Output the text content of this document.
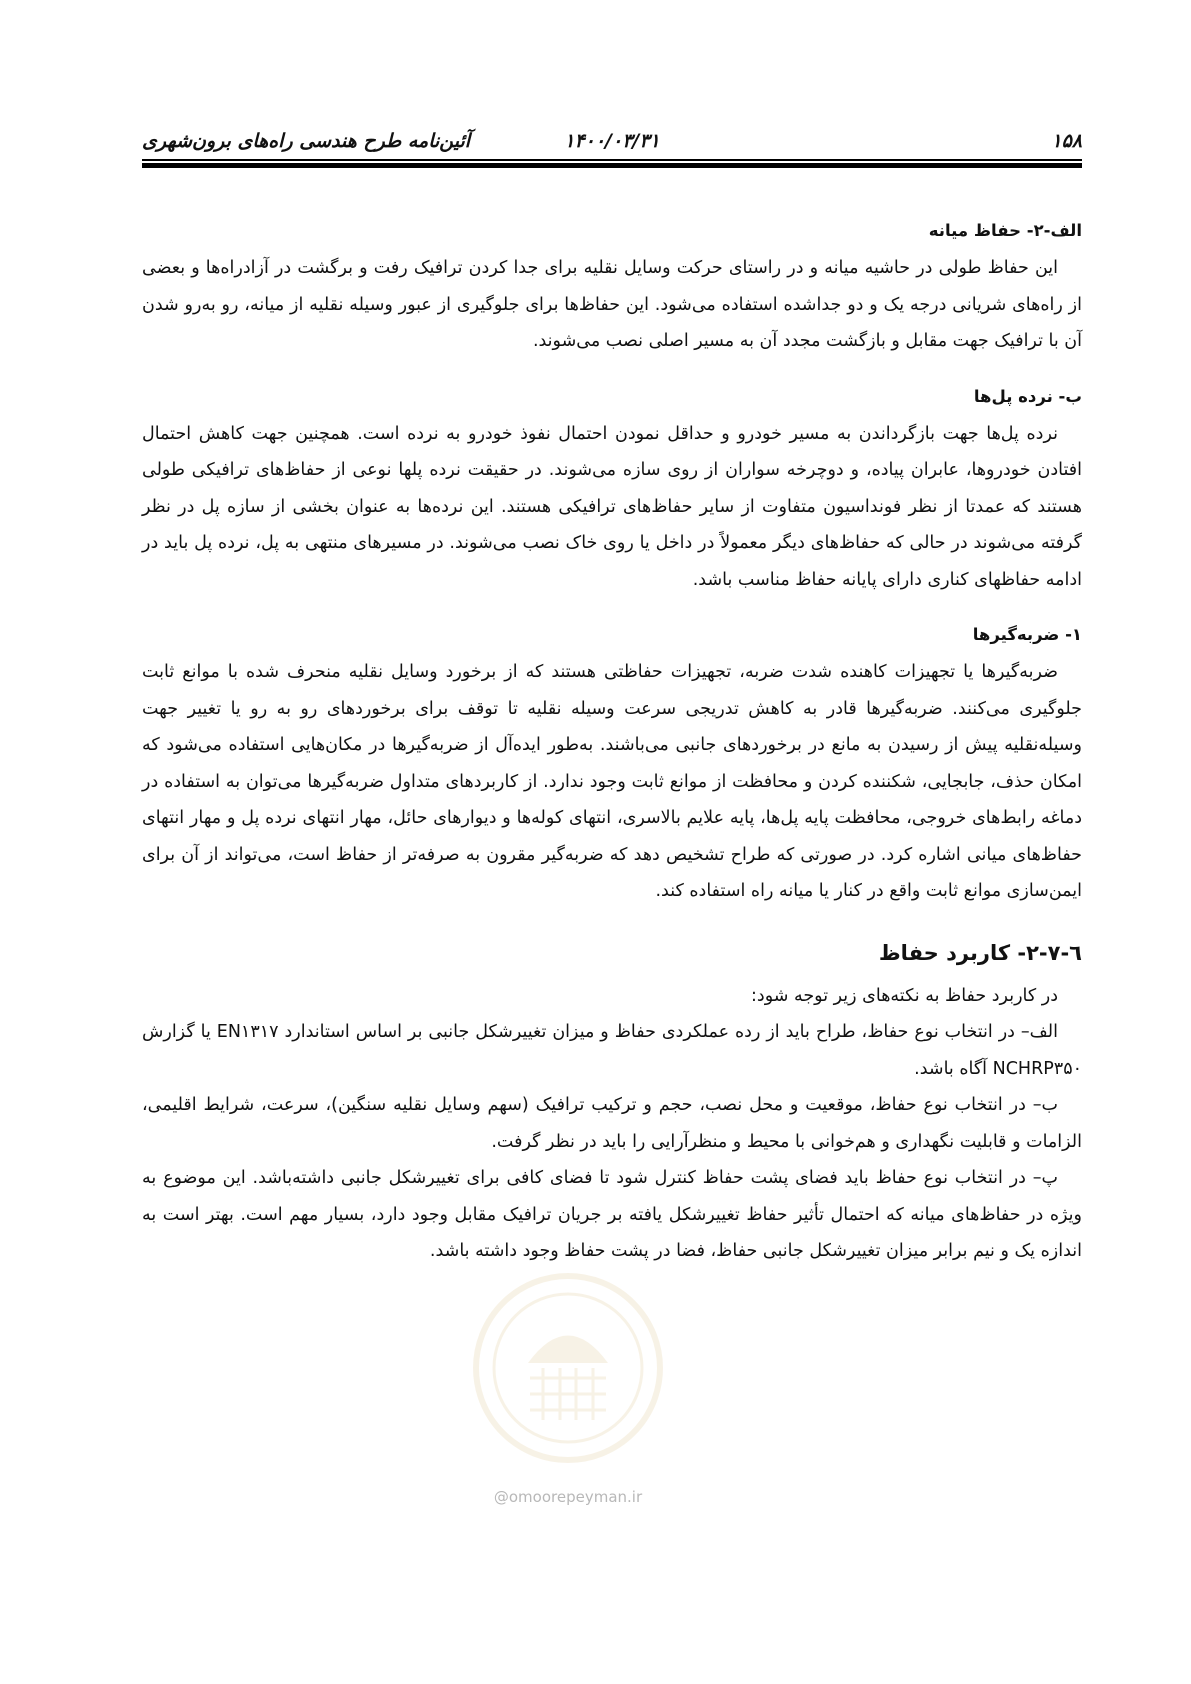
۱۵۸
۱۴۰۰/۰۳/۳۱
آئین‌نامه طرح هندسی راه‌های برون‌شهری

الف-۲- حفاظ میانه

این حفاظ طولی در حاشیه میانه و در راستای حرکت وسایل نقلیه برای جدا کردن ترافیک رفت و برگشت در آزادراه‌ها و بعضی از راه‌های شریانی درجه یک و دو جداشده استفاده می‌شود. این حفاظ‌ها برای جلوگیری از عبور وسیله نقلیه از میانه، رو به‌رو شدن آن با ترافیک جهت مقابل و بازگشت مجدد آن به مسیر اصلی نصب می‌شوند.

ب- نرده پل‌ها

نرده پل‌ها جهت بازگرداندن به مسیر خودرو و حداقل نمودن احتمال نفوذ خودرو به نرده است. همچنین جهت کاهش احتمال افتادن خودروها، عابران پیاده، و دوچرخه سواران از روی سازه می‌شوند. در حقیقت نرده پلها نوعی از حفاظ‌های ترافیکی طولی هستند که عمدتا از نظر فونداسیون متفاوت از سایر حفاظ‌های ترافیکی هستند. این نرده‌ها به عنوان بخشی از سازه پل در نظر گرفته می‌شوند در حالی که حفاظ‌های دیگر معمولاً در داخل یا روی خاک نصب می‌شوند. در مسیرهای منتهی به پل، نرده پل باید در ادامه حفاظهای کناری دارای پایانه حفاظ مناسب باشد.

۱- ضربه‌گیرها

ضربه‌گیرها یا تجهیزات کاهنده شدت ضربه، تجهیزات حفاظتی هستند که از برخورد وسایل نقلیه منحرف شده با موانع ثابت جلوگیری می‌کنند. ضربه‌گیرها قادر به کاهش تدریجی سرعت وسیله نقلیه تا توقف برای برخوردهای رو به رو یا تغییر جهت وسیله‌نقلیه پیش از رسیدن به مانع در برخوردهای جانبی می‌باشند. به‌طور ایده‌آل از ضربه‌گیرها در مکان‌هایی استفاده می‌شود که امکان حذف، جابجایی، شکننده کردن و محافظت از موانع ثابت وجود ندارد. از کاربردهای متداول ضربه‌گیرها می‌توان به استفاده در دماغه رابط‌های خروجی، محافظت پایه پل‌ها، پایه علایم بالاسری، انتهای کوله‌ها و دیوارهای حائل، مهار انتهای نرده پل و مهار انتهای حفاظ‌های میانی اشاره کرد. در صورتی که طراح تشخیص دهد که ضربه‌گیر مقرون به صرفه‌تر از حفاظ است، می‌تواند از آن برای ایمن‌سازی موانع ثابت واقع در کنار یا میانه راه استفاده کند.

٦-٧-٢- کاربرد حفاظ

در کاربرد حفاظ به نکته‌های زیر توجه شود:

الف– در انتخاب نوع حفاظ، طراح باید از رده عملکردی حفاظ و میزان تغییرشکل جانبی بر اساس استاندارد EN۱۳۱۷ یا گزارش NCHRP۳۵۰ آگاه باشد.

ب– در انتخاب نوع حفاظ، موقعیت و محل نصب، حجم و ترکیب ترافیک (سهم وسایل نقلیه سنگین)، سرعت، شرایط اقلیمی، الزامات و قابلیت نگهداری و هم‌خوانی با محیط و منظرآرایی را باید در نظر گرفت.

پ– در انتخاب نوع حفاظ باید فضای پشت حفاظ کنترل شود تا فضای کافی برای تغییرشکل جانبی داشته‌باشد. این موضوع به ویژه در حفاظ‌های میانه که احتمال تأثیر حفاظ تغییرشکل یافته بر جریان ترافیک مقابل وجود دارد، بسیار مهم است. بهتر است به اندازه یک و نیم برابر میزان تغییرشکل جانبی حفاظ، فضا در پشت حفاظ وجود داشته باشد.

@omoorepeyman.ir
